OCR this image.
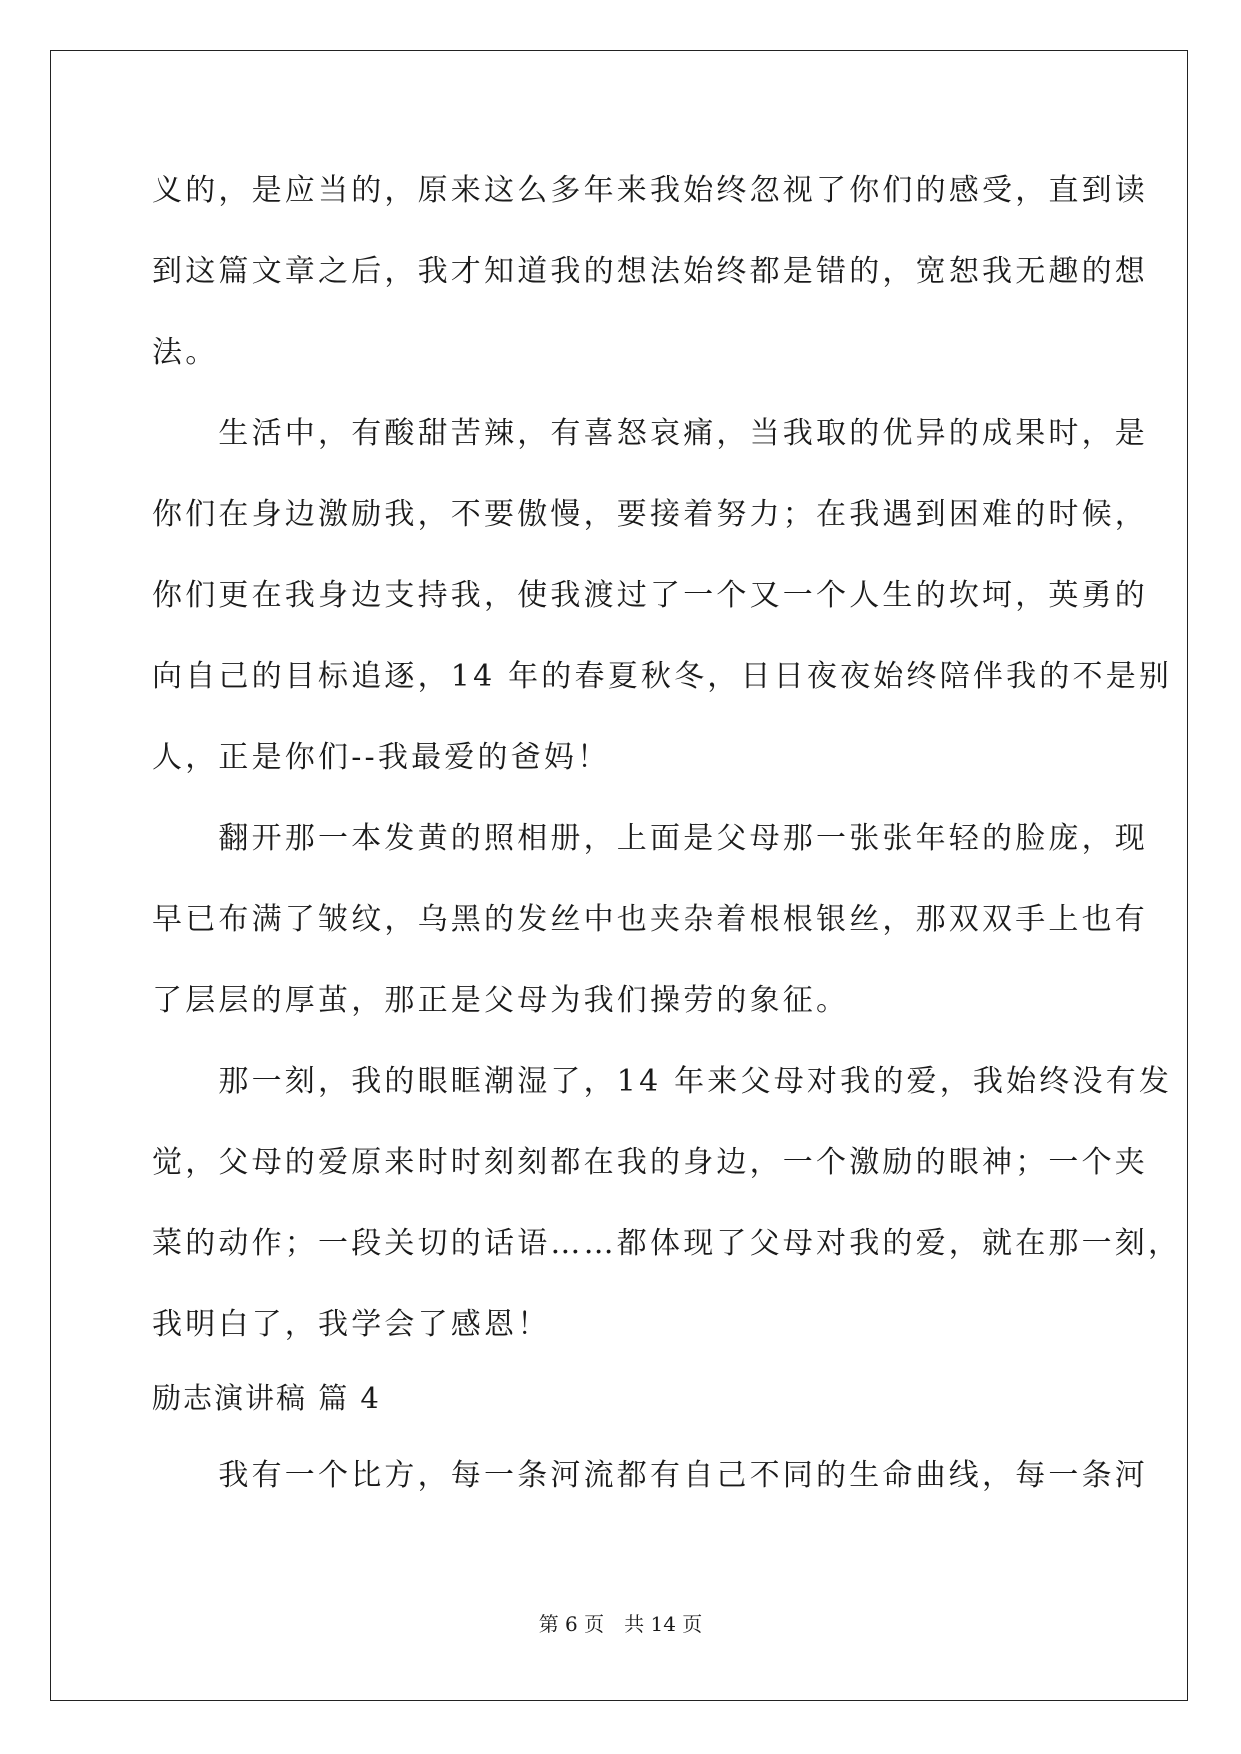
义的，是应当的，原来这么多年来我始终忽视了你们的感受，直到读
到这篇文章之后，我才知道我的想法始终都是错的，宽恕我无趣的想
法。
　　生活中，有酸甜苦辣，有喜怒哀痛，当我取的优异的成果时，是
你们在身边激励我，不要傲慢，要接着努力；在我遇到困难的时候，
你们更在我身边支持我，使我渡过了一个又一个人生的坎坷，英勇的
向自己的目标追逐，14 年的春夏秋冬，日日夜夜始终陪伴我的不是别
人，正是你们--我最爱的爸妈！
　　翻开那一本发黄的照相册，上面是父母那一张张年轻的脸庞，现
早已布满了皱纹，乌黑的发丝中也夹杂着根根银丝，那双双手上也有
了层层的厚茧，那正是父母为我们操劳的象征。
　　那一刻，我的眼眶潮湿了，14 年来父母对我的爱，我始终没有发
觉，父母的爱原来时时刻刻都在我的身边，一个激励的眼神；一个夹
菜的动作；一段关切的话语……都体现了父母对我的爱，就在那一刻，
我明白了，我学会了感恩！
励志演讲稿 篇 4
　　我有一个比方，每一条河流都有自己不同的生命曲线，每一条河
第 6 页　共 14 页
